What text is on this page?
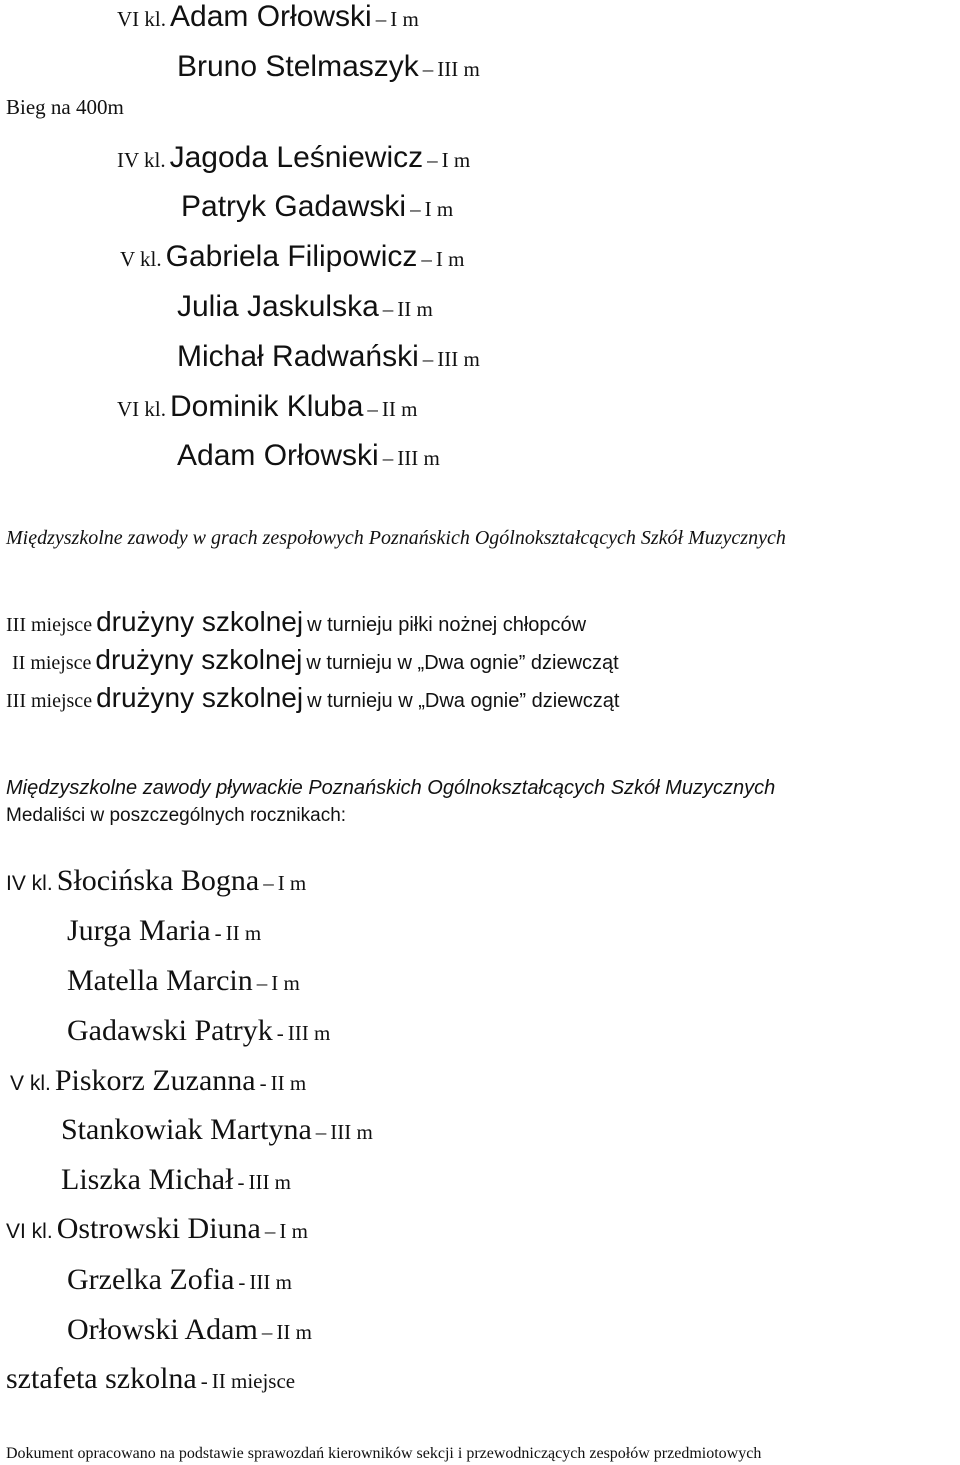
VI kl. Adam Orłowski – I m
Bruno Stelmaszyk – III m
Bieg na 400m
IV kl. Jagoda Leśniewicz – I m
Patryk Gadawski – I m
V kl. Gabriela Filipowicz – I m
Julia Jaskulska – II m
Michał Radwański – III m
VI kl. Dominik Kluba – II m
Adam Orłowski – III m
Międzyszkolne zawody w grach zespołowych Poznańskich Ogólnokształcących Szkół Muzycznych
III miejsce drużyny szkolnej w turnieju piłki nożnej chłopców
II miejsce drużyny szkolnej w turnieju w „Dwa ognie” dziewcząt
III miejsce drużyny szkolnej w turnieju w „Dwa ognie” dziewcząt
Międzyszkolne zawody pływackie Poznańskich Ogólnokształcących Szkół Muzycznych
Medaliści w poszczególnych rocznikach:
IV kl. Słocińska Bogna – I m
Jurga Maria - II m
Matella Marcin – I m
Gadawski Patryk - III m
V kl. Piskorz Zuzanna - II m
Stankowiak Martyna – III m
Liszka Michał - III m
VI kl. Ostrowski Diuna – I m
Grzelka Zofia - III m
Orłowski Adam – II m
sztafeta szkolna - II miejsce
Dokument opracowano na podstawie sprawozdań kierowników sekcji i przewodniczących zespołów przedmiotowych
